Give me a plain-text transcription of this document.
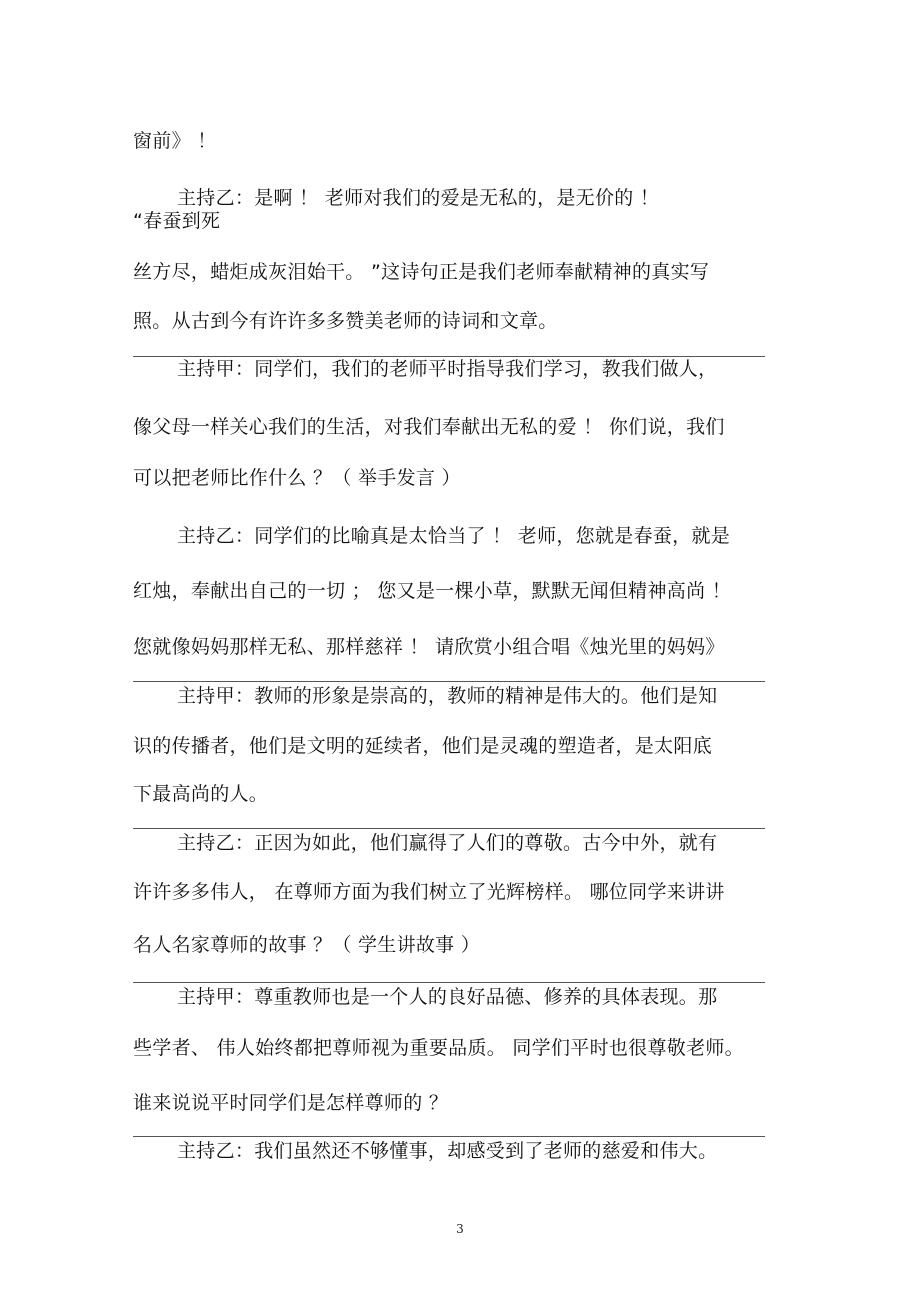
窗前》 ！
主持乙：是啊 ！ 老师对我们的爱是无私的，是无价的 ！
“春蚕到死
丝方尽，蜡炬成灰泪始干。 ”这诗句正是我们老师奉献精神的真实写
照。从古到今有许许多多赞美老师的诗词和文章。
主持甲：同学们，我们的老师平时指导我们学习，教我们做人，
像父母一样关心我们的生活，对我们奉献出无私的爱 ！ 你们说，我们
可以把老师比作什么 ？（ 举手发言 ）
主持乙：同学们的比喻真是太恰当了 ！ 老师，您就是春蚕，就是
红烛，奉献出自己的一切 ； 您又是一棵小草，默默无闻但精神高尚 ！
您就像妈妈那样无私、那样慈祥 ！ 请欣赏小组合唱《烛光里的妈妈》
主持甲：教师的形象是崇高的，教师的精神是伟大的。他们是知
识的传播者，他们是文明的延续者，他们是灵魂的塑造者，是太阳底
下最高尚的人。
主持乙：正因为如此，他们赢得了人们的尊敬。古今中外，就有
许许多多伟人， 在尊师方面为我们树立了光辉榜样。 哪位同学来讲讲
名人名家尊师的故事 ？（ 学生讲故事 ）
主持甲：尊重教师也是一个人的良好品德、修养的具体表现。那
些学者、 伟人始终都把尊师视为重要品质。 同学们平时也很尊敬老师。
谁来说说平时同学们是怎样尊师的 ？
主持乙：我们虽然还不够懂事，却感受到了老师的慈爱和伟大。
3
